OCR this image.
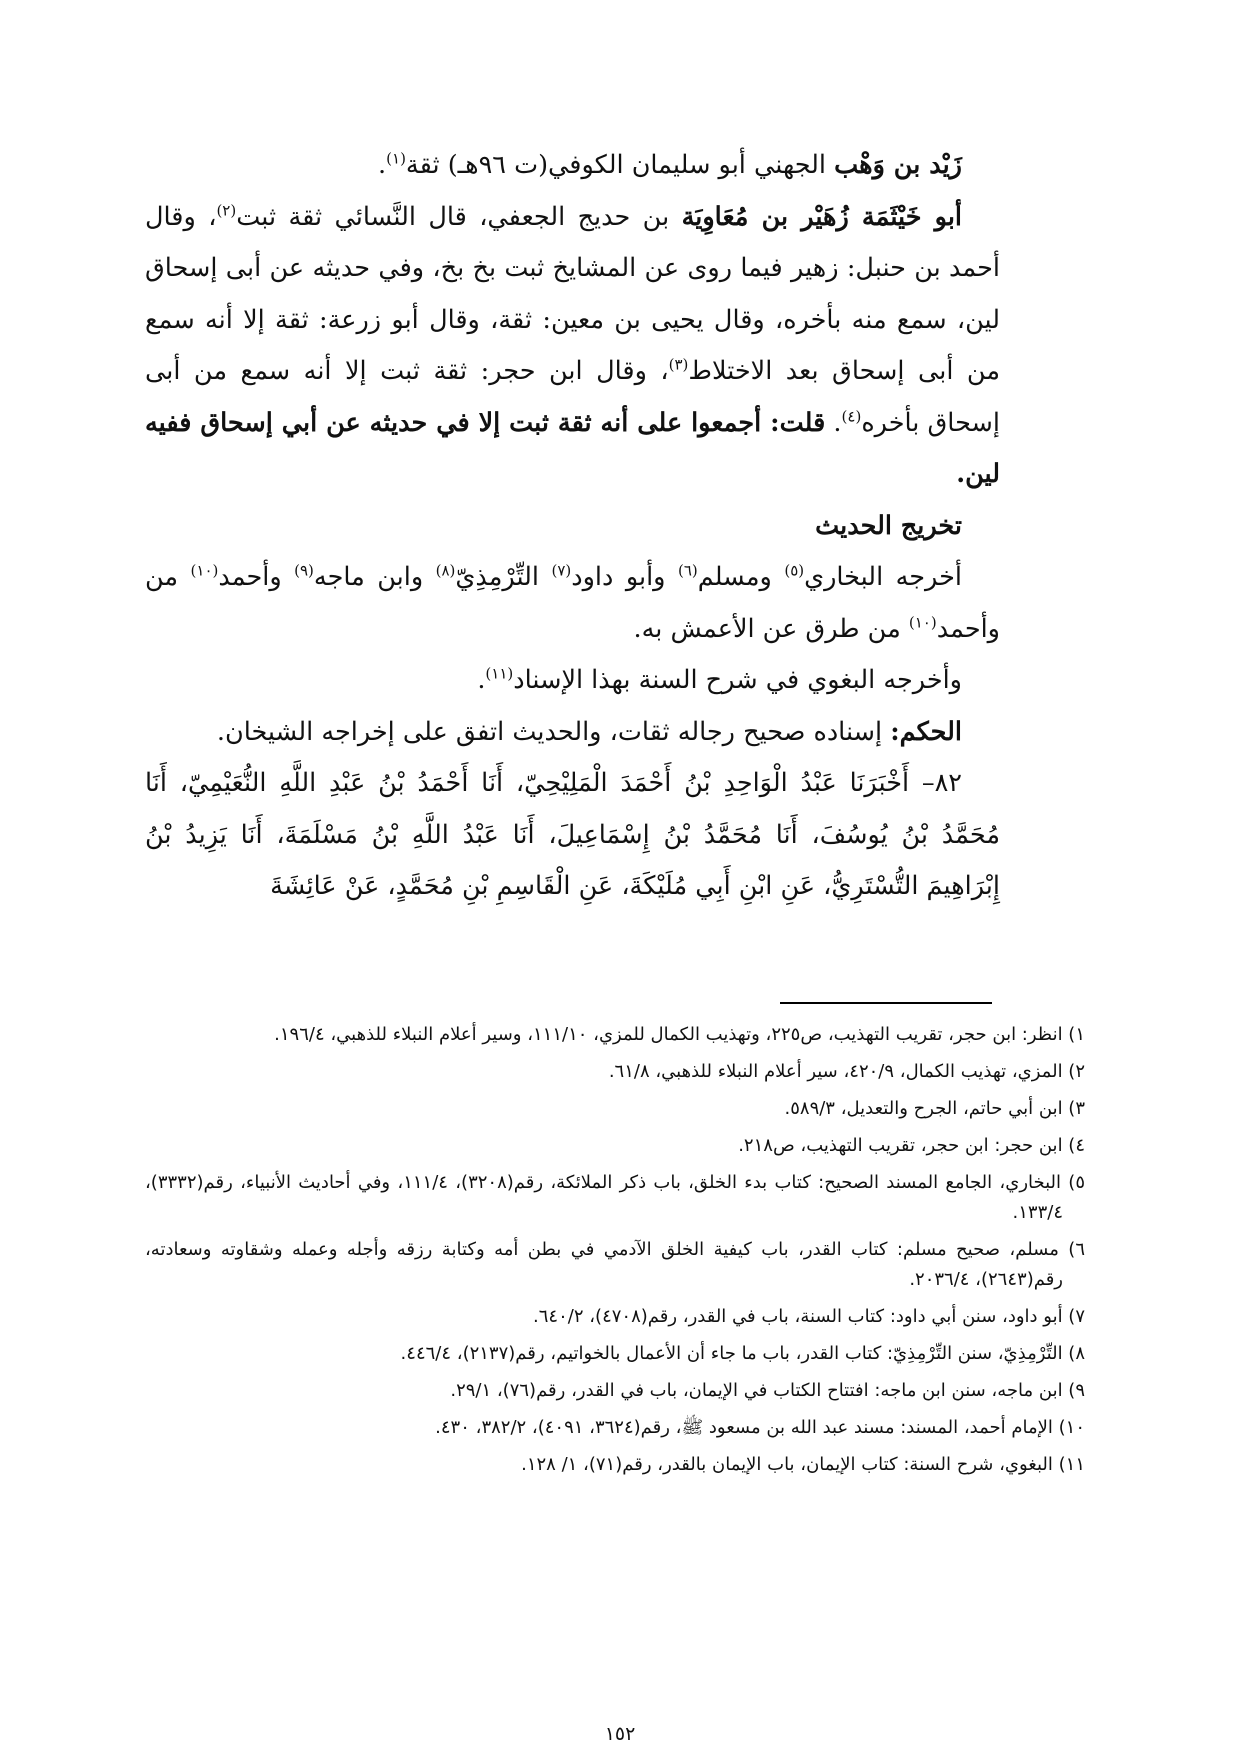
زَيْد بن وَهْب الجهني أبو سليمان الكوفي(ت ٩٦هـ) ثقة$^{(١)}$.

أبو خَيْثَمَة زُهَيْر بن مُعَاوِيَة بن حديج الجعفي، قال النَّسائي ثقة ثبت$^{(٢)}$، وقال أحمد بن حنبل: زهير فيما روى عن المشايخ ثبت بخ بخ، وفي حديثه عن أبى إسحاق لين، سمع منه بأخره، وقال يحيى بن معين: ثقة، وقال أبو زرعة: ثقة إلا أنه سمع من أبى إسحاق بعد الاختلاط$^{(٣)}$، وقال ابن حجر: ثقة ثبت إلا أنه سمع من أبى إسحاق بأخره$^{(٤)}$. قلت: أجمعوا على أنه ثقة ثبت إلا في حديثه عن أبي إسحاق ففيه لين.

تخريج الحديث

أخرجه البخاري$^{(٥)}$ ومسلم$^{(٦)}$ وأبو داود$^{(٧)}$ التِّرْمِذِيّ$^{(٨)}$ وابن ماجه$^{(٩)}$ وأحمد$^{(١٠)}$ من وأحمد$^{(١٠)}$ من طرق عن الأعمش به.

وأخرجه البغوي في شرح السنة بهذا الإسناد$^{(١١)}$.

الحكم: إسناده صحيح رجاله ثقات، والحديث اتفق على إخراجه الشيخان.

٨٢– أَخْبَرَنَا عَبْدُ الْوَاحِدِ بْنُ أَحْمَدَ الْمَلِيْحِيّ، أَنَا أَحْمَدُ بْنُ عَبْدِ اللَّهِ النُّعَيْمِيّ، أَنَا مُحَمَّدُ بْنُ يُوسُفَ، أَنَا مُحَمَّدُ بْنُ إِسْمَاعِيلَ، أَنَا عَبْدُ اللَّهِ بْنُ مَسْلَمَةَ، أَنَا يَزِيدُ بْنُ إِبْرَاهِيمَ التُّسْتَرِيُّ، عَنِ ابْنِ أَبِي مُلَيْكَةَ، عَنِ الْقَاسِمِ بْنِ مُحَمَّدٍ، عَنْ عَائِشَةَ

١) انظر: ابن حجر، تقريب التهذيب، ص٢٢٥، وتهذيب الكمال للمزي، ١١١/١٠، وسير أعلام النبلاء للذهبي، ١٩٦/٤.

٢) المزي، تهذيب الكمال، ٤٢٠/٩، سير أعلام النبلاء للذهبي، ٦١/٨.

٣) ابن أبي حاتم، الجرح والتعديل، ٥٨٩/٣.

٤) ابن حجر: ابن حجر، تقريب التهذيب، ص٢١٨.

٥) البخاري، الجامع المسند الصحيح: كتاب بدء الخلق، باب ذكر الملائكة، رقم(٣٢٠٨)، ١١١/٤، وفي أحاديث الأنبياء، رقم(٣٣٣٢)، ١٣٣/٤.

٦) مسلم، صحيح مسلم: كتاب القدر، باب كيفية الخلق الآدمي في بطن أمه وكتابة رزقه وأجله وعمله وشقاوته وسعادته، رقم(٢٦٤٣)، ٢٠٣٦/٤.

٧) أبو داود، سنن أبي داود: كتاب السنة، باب في القدر، رقم(٤٧٠٨)، ٦٤٠/٢.

٨) التِّرْمِذِيّ، سنن التِّرْمِذِيّ: كتاب القدر، باب ما جاء أن الأعمال بالخواتيم، رقم(٢١٣٧)، ٤٤٦/٤.

٩) ابن ماجه، سنن ابن ماجه: افتتاح الكتاب في الإيمان، باب في القدر، رقم(٧٦)، ٢٩/١.

١٠) الإمام أحمد، المسند: مسند عبد الله بن مسعود ﷺ، رقم(٣٦٢٤، ٤٠٩١)، ٣٨٢/٢، ٤٣٠.

١١) البغوي، شرح السنة: كتاب الإيمان، باب الإيمان بالقدر، رقم(٧١)، ١/ ١٢٨.

١٥٢
